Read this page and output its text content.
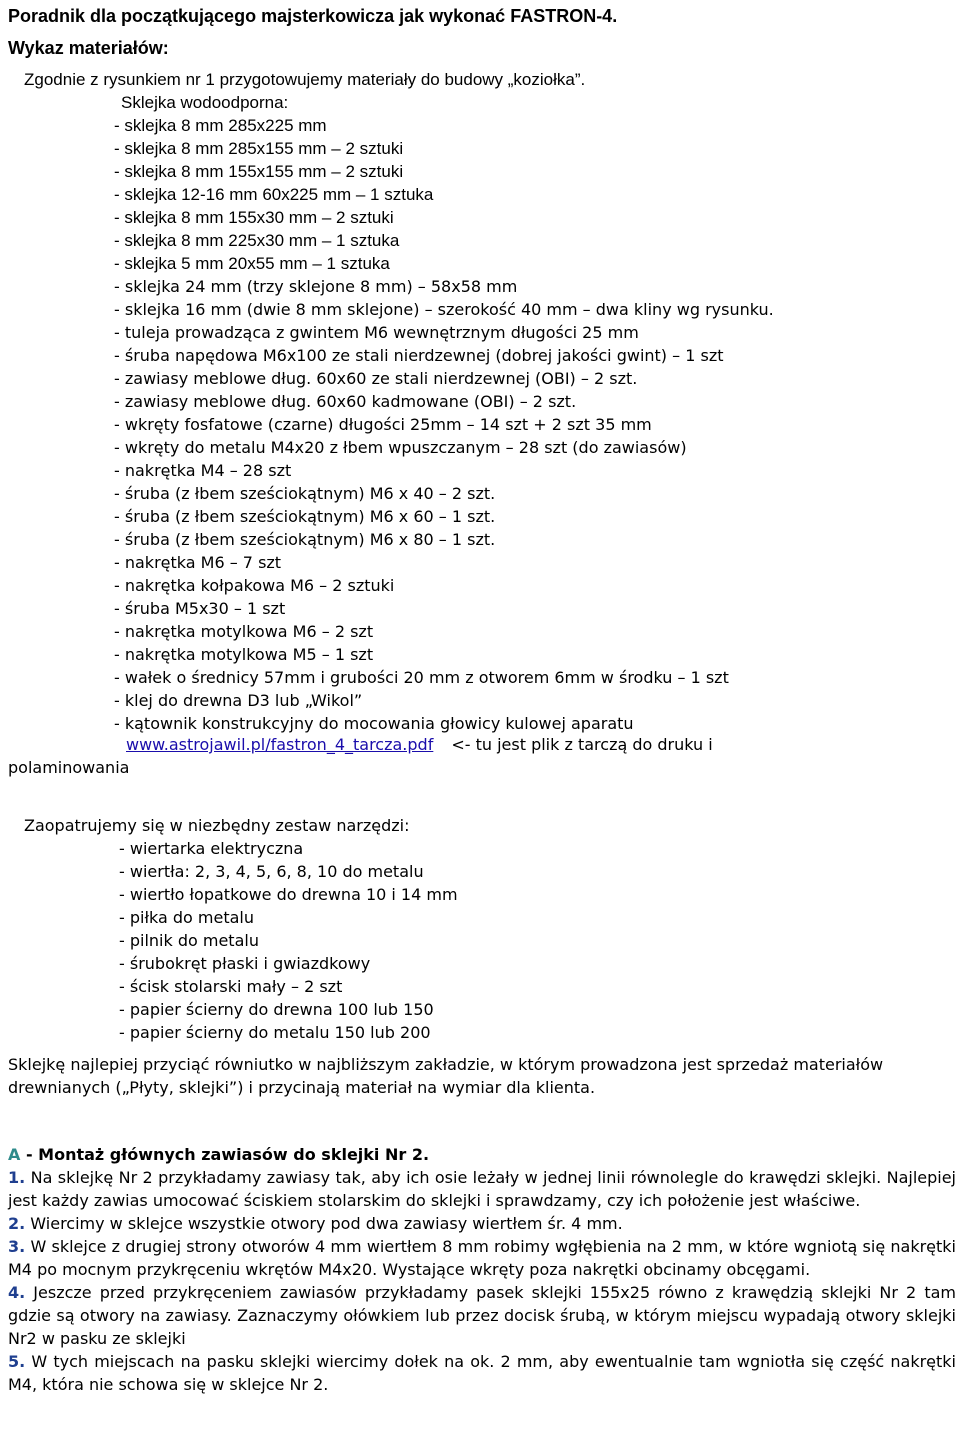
Poradnik dla początkującego majsterkowicza jak wykonać FASTRON-4.
Wykaz materiałów:
Zgodnie z rysunkiem nr 1 przygotowujemy materiały do budowy „koziołka”.
Sklejka wodoodporna:
- sklejka 8 mm 285x225 mm
- sklejka 8 mm 285x155 mm – 2 sztuki
- sklejka 8 mm 155x155 mm – 2 sztuki
- sklejka 12-16 mm 60x225 mm – 1 sztuka
- sklejka 8 mm 155x30 mm – 2 sztuki
- sklejka 8 mm 225x30 mm – 1 sztuka
- sklejka 5 mm 20x55 mm – 1 sztuka
- sklejka 24 mm (trzy sklejone 8 mm) – 58x58 mm
- sklejka 16 mm (dwie 8 mm sklejone) – szerokość 40 mm – dwa kliny wg rysunku.
- tuleja prowadząca z gwintem M6 wewnętrznym długości 25 mm
- śruba napędowa M6x100 ze stali nierdzewnej (dobrej jakości gwint) – 1 szt
- zawiasy meblowe dług. 60x60 ze stali nierdzewnej (OBI) – 2 szt.
- zawiasy meblowe dług. 60x60 kadmowane (OBI) – 2 szt.
- wkręty fosfatowe (czarne) długości 25mm – 14 szt + 2 szt 35 mm
- wkręty do metalu M4x20 z łbem wpuszczanym – 28 szt (do zawiasów)
- nakrętka M4 – 28 szt
- śruba (z łbem sześciokątnym) M6 x 40 – 2 szt.
- śruba (z łbem sześciokątnym) M6 x 60 – 1 szt.
- śruba (z łbem sześciokątnym) M6 x 80 – 1 szt.
- nakrętka M6 – 7 szt
- nakrętka kołpakowa M6 – 2 sztuki
- śruba M5x30 – 1 szt
- nakrętka motylkowa M6 – 2 szt
- nakrętka motylkowa M5 – 1 szt
- wałek o średnicy 57mm i grubości 20 mm z otworem 6mm w środku – 1 szt
- klej do drewna D3 lub „Wikol”
- kątownik konstrukcyjny do mocowania głowicy kulowej aparatu
www.astrojawil.pl/fastron_4_tarcza.pdf <- tu jest plik z tarczą do druku i
polaminowania
Zaopatrujemy się w niezbędny zestaw narzędzi:
- wiertarka elektryczna
- wiertła: 2, 3, 4, 5, 6, 8, 10 do metalu
- wiertło łopatkowe do drewna 10 i 14 mm
- piłka do metalu
- pilnik do metalu
- śrubokręt płaski i gwiazdkowy
- ścisk stolarski mały – 2 szt
- papier ścierny do drewna 100 lub 150
- papier ścierny do metalu 150 lub 200
Sklejkę najlepiej przyciąć równiutko w najbliższym zakładzie, w którym prowadzona jest sprzedaż materiałów drewnianych („Płyty, sklejki”) i przycinają materiał na wymiar dla klienta.
A - Montaż głównych zawiasów do sklejki Nr 2.
1. Na sklejkę Nr 2 przykładamy zawiasy tak, aby ich osie leżały w jednej linii równolegle do krawędzi sklejki. Najlepiej jest każdy zawias umocować ściskiem stolarskim do sklejki i sprawdzamy, czy ich położenie jest właściwe.
2. Wiercimy w sklejce wszystkie otwory pod dwa zawiasy wiertłem śr. 4 mm.
3. W sklejce z drugiej strony otworów 4 mm wiertłem 8 mm robimy wgłębienia na 2 mm, w które wgniotą się nakrętki M4 po mocnym przykręceniu wkrętów M4x20. Wystające wkręty poza nakrętki obcinamy obcęgami.
4. Jeszcze przed przykręceniem zawiasów przykładamy pasek sklejki 155x25 równo z krawędzią sklejki Nr 2 tam gdzie są otwory na zawiasy. Zaznaczymy ołówkiem lub przez docisk śrubą, w którym miejscu wypadają otwory sklejki Nr2 w pasku ze sklejki
5. W tych miejscach na pasku sklejki wiercimy dołek na ok. 2 mm, aby ewentualnie tam wgniotła się część nakrętki M4, która nie schowa się w sklejce Nr 2.
